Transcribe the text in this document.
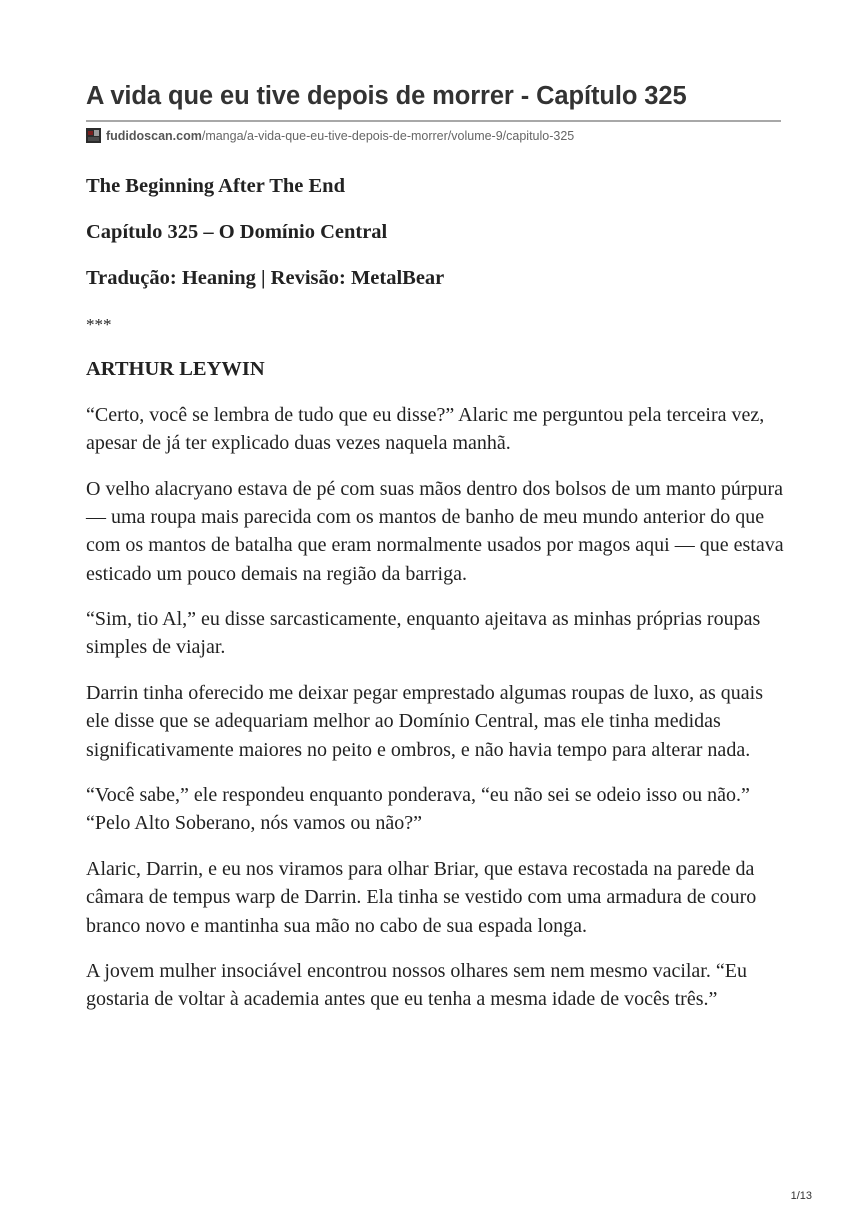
A vida que eu tive depois de morrer - Capítulo 325
fudidoscan.com /manga/a-vida-que-eu-tive-depois-de-morrer/volume-9/capitulo-325
The Beginning After The End
Capítulo 325 – O Domínio Central
Tradução: Heaning | Revisão: MetalBear

***

ARTHUR LEYWIN

“Certo, você se lembra de tudo que eu disse?” Alaric me perguntou pela terceira vez, apesar de já ter explicado duas vezes naquela manhã.

O velho alacryano estava de pé com suas mãos dentro dos bolsos de um manto púrpura — uma roupa mais parecida com os mantos de banho de meu mundo anterior do que com os mantos de batalha que eram normalmente usados por magos aqui — que estava esticado um pouco demais na região da barriga.

“Sim, tio Al,” eu disse sarcasticamente, enquanto ajeitava as minhas próprias roupas simples de viajar.

Darrin tinha oferecido me deixar pegar emprestado algumas roupas de luxo, as quais ele disse que se adequariam melhor ao Domínio Central, mas ele tinha medidas significativamente maiores no peito e ombros, e não havia tempo para alterar nada.

“Você sabe,” ele respondeu enquanto ponderava, “eu não sei se odeio isso ou não.” “Pelo Alto Soberano, nós vamos ou não?”

Alaric, Darrin, e eu nos viramos para olhar Briar, que estava recostada na parede da câmara de tempus warp de Darrin. Ela tinha se vestido com uma armadura de couro branco novo e mantinha sua mão no cabo de sua espada longa.

A jovem mulher insociável encontrou nossos olhares sem nem mesmo vacilar. “Eu gostaria de voltar à academia antes que eu tenha a mesma idade de vocês três.”

1/13
